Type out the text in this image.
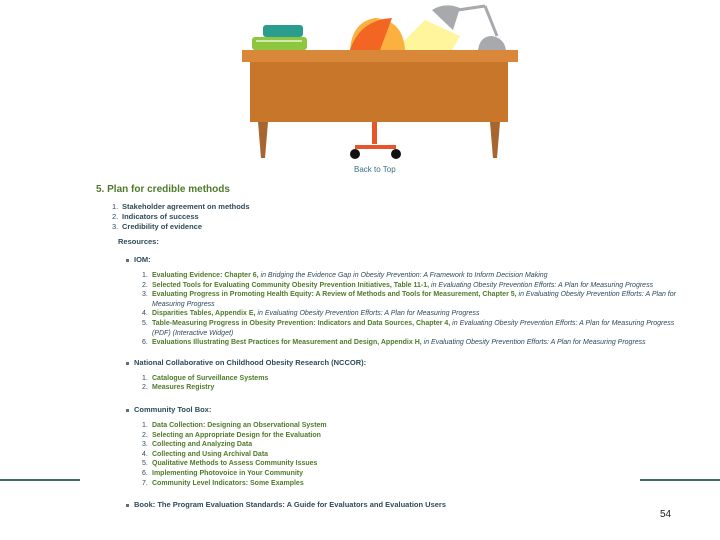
Back to Top
5. Plan for credible methods
1. Stakeholder agreement on methods
2. Indicators of success
3. Credibility of evidence
Resources:
IOM:
1. Evaluating Evidence: Chapter 6, in Bridging the Evidence Gap in Obesity Prevention: A Framework to Inform Decision Making
2. Selected Tools for Evaluating Community Obesity Prevention Initiatives, Table 11-1, in Evaluating Obesity Prevention Efforts: A Plan for Measuring Progress
3. Evaluating Progress in Promoting Health Equity: A Review of Methods and Tools for Measurement, Chapter 5, in Evaluating Obesity Prevention Efforts: A Plan for Measuring Progress
4. Disparities Tables, Appendix E, in Evaluating Obesity Prevention Efforts: A Plan for Measuring Progress
5. Table-Measuring Progress in Obesity Prevention: Indicators and Data Sources, Chapter 4, in Evaluating Obesity Prevention Efforts: A Plan for Measuring Progress (PDF) (Interactive Widget)
6. Evaluations Illustrating Best Practices for Measurement and Design, Appendix H, in Evaluating Obesity Prevention Efforts: A Plan for Measuring Progress
National Collaborative on Childhood Obesity Research (NCCOR):
1. Catalogue of Surveillance Systems
2. Measures Registry
Community Tool Box:
1. Data Collection: Designing an Observational System
2. Selecting an Appropriate Design for the Evaluation
3. Collecting and Analyzing Data
4. Collecting and Using Archival Data
5. Qualitative Methods to Assess Community Issues
6. Implementing Photovoice in Your Community
7. Community Level Indicators: Some Examples
Book: The Program Evaluation Standards: A Guide for Evaluators and Evaluation Users
54
